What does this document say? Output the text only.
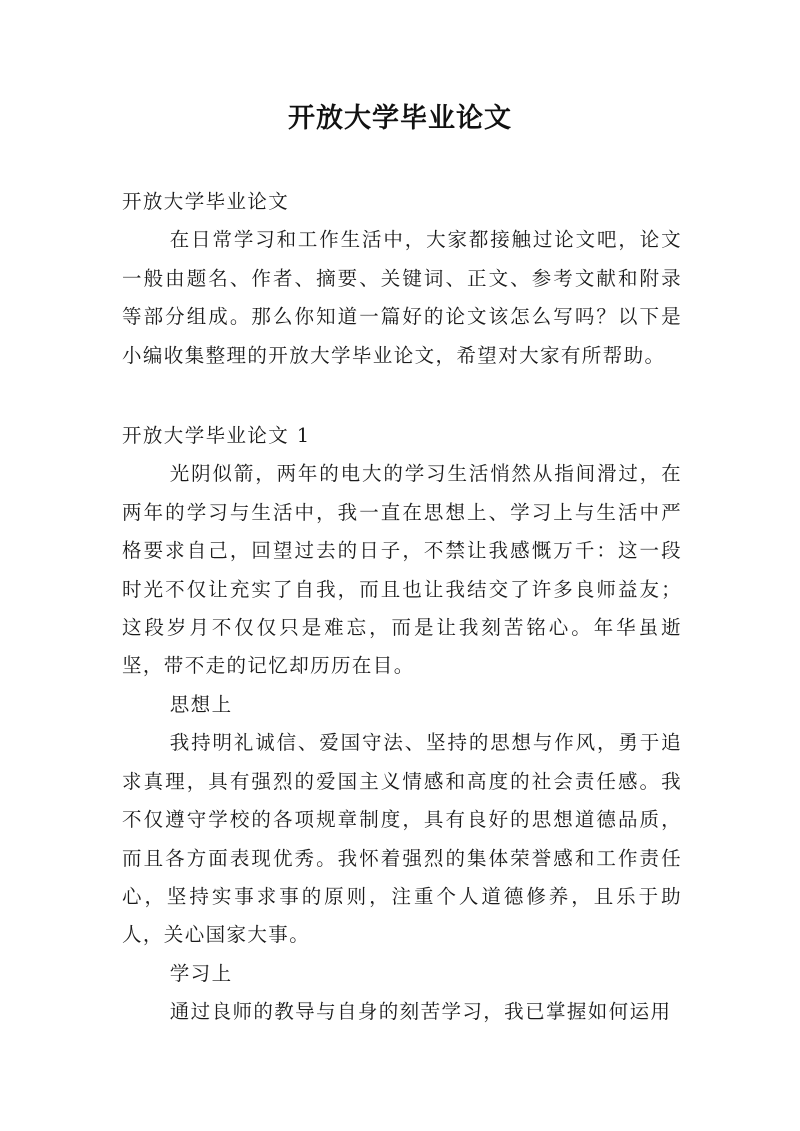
开放大学毕业论文

开放大学毕业论文

在日常学习和工作生活中，大家都接触过论文吧，论文一般由题名、作者、摘要、关键词、正文、参考文献和附录等部分组成。那么你知道一篇好的论文该怎么写吗？以下是小编收集整理的开放大学毕业论文，希望对大家有所帮助。

开放大学毕业论文 1

光阴似箭，两年的电大的学习生活悄然从指间滑过，在两年的学习与生活中，我一直在思想上、学习上与生活中严格要求自己，回望过去的日子，不禁让我感慨万千：这一段时光不仅让充实了自我，而且也让我结交了许多良师益友；这段岁月不仅仅只是难忘，而是让我刻苦铭心。年华虽逝坚，带不走的记忆却历历在目。

思想上

我持明礼诚信、爱国守法、坚持的思想与作风，勇于追求真理，具有强烈的爱国主义情感和高度的社会责任感。我不仅遵守学校的各项规章制度，具有良好的思想道德品质，而且各方面表现优秀。我怀着强烈的集体荣誉感和工作责任心，坚持实事求事的原则，注重个人道德修养，且乐于助人，关心国家大事。

学习上

通过良师的教导与自身的刻苦学习，我已掌握如何运用
